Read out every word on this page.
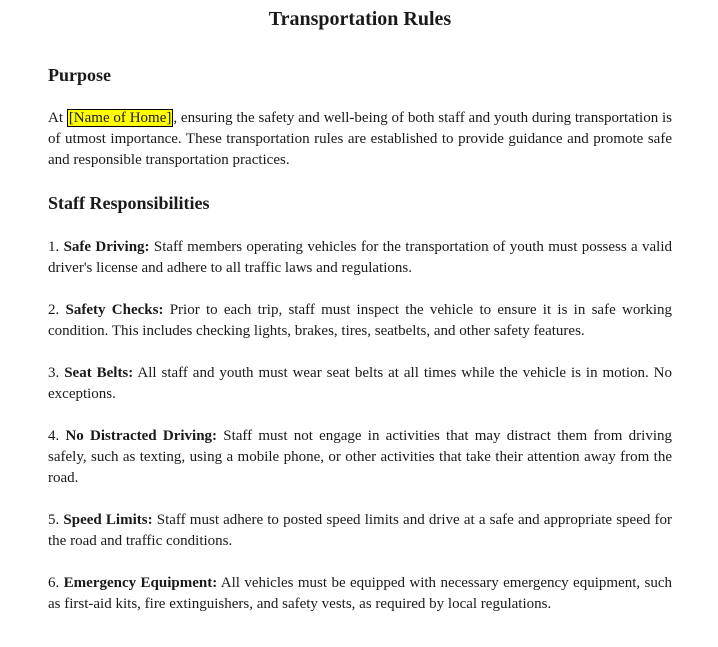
Transportation Rules
Purpose

At [Name of Home] , ensuring the safety and well-being of both staff and youth during transportation is of utmost importance. These transportation rules are established to provide guidance and promote safe and responsible transportation practices.

Staff Responsibilities

1. Safe Driving: Staff members operating vehicles for the transportation of youth must possess a valid driver's license and adhere to all traffic laws and regulations.

2. Safety Checks: Prior to each trip, staff must inspect the vehicle to ensure it is in safe working condition. This includes checking lights, brakes, tires, seatbelts, and other safety features.

3. Seat Belts: All staff and youth must wear seat belts at all times while the vehicle is in motion. No exceptions.

4. No Distracted Driving: Staff must not engage in activities that may distract them from driving safely, such as texting, using a mobile phone, or other activities that take their attention away from the road.

5. Speed Limits: Staff must adhere to posted speed limits and drive at a safe and appropriate speed for the road and traffic conditions.

6. Emergency Equipment: All vehicles must be equipped with necessary emergency equipment, such as first-aid kits, fire extinguishers, and safety vests, as required by local regulations.
